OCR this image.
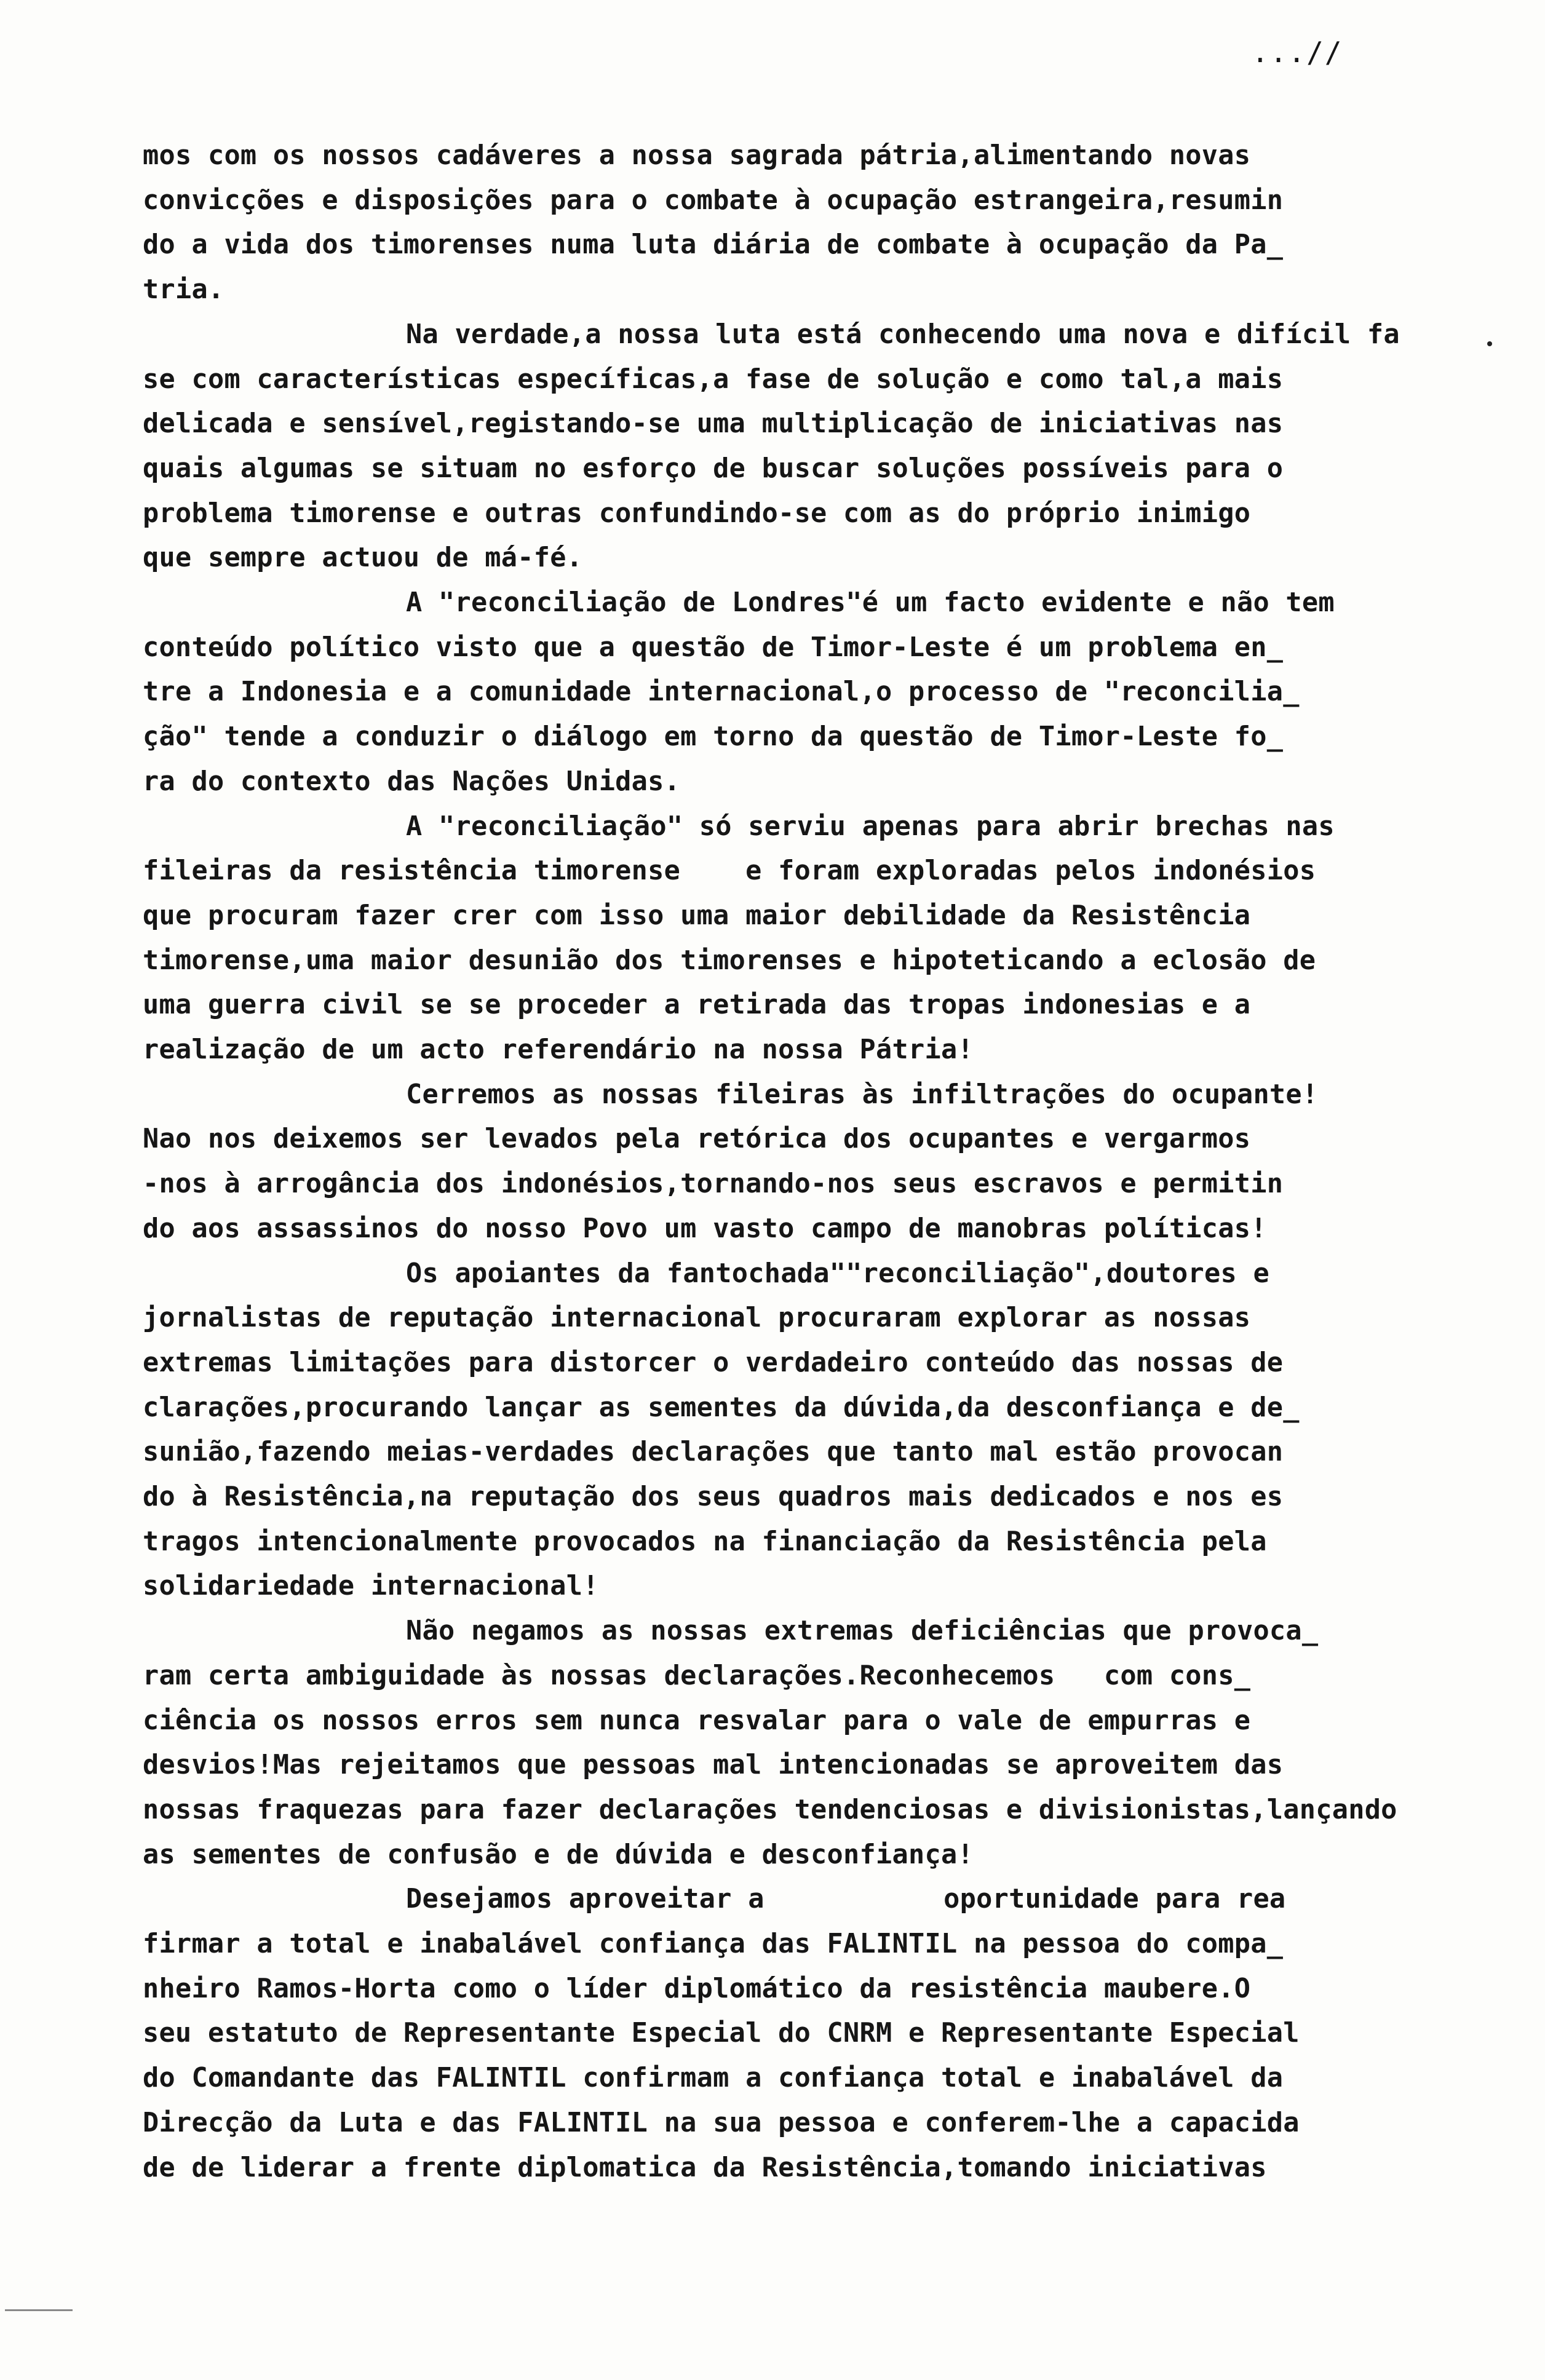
...//
mos com os nossos cadáveres a nossa sagrada pátria,alimentando novas
convicções e disposições para o combate à ocupação estrangeira,resumin
do a vida dos timorenses numa luta diária de combate à ocupação da Pa_
tria.
Na verdade,a nossa luta está conhecendo uma nova e difícil fa
se com características específicas,a fase de solução e como tal,a mais
delicada e sensível,registando-se uma multiplicação de iniciativas nas
quais algumas se situam no esforço de buscar soluções possíveis para o
problema timorense e outras confundindo-se com as do próprio inimigo
que sempre actuou de má-fé.
A "reconciliação de Londres"é um facto evidente e não tem
conteúdo político visto que a questão de Timor-Leste é um problema en_
tre a Indonesia e a comunidade internacional,o processo de "reconcilia_
ção" tende a conduzir o diálogo em torno da questão de Timor-Leste fo_
ra do contexto das Nações Unidas.
A "reconciliação" só serviu apenas para abrir brechas nas
fileiras da resistência timorense    e foram exploradas pelos indonésios
que procuram fazer crer com isso uma maior debilidade da Resistência
timorense,uma maior desunião dos timorenses e hipoteticando a eclosão de
uma guerra civil se se proceder a retirada das tropas indonesias e a
realização de um acto referendário na nossa Pátria!
Cerremos as nossas fileiras às infiltrações do ocupante!
Nao nos deixemos ser levados pela retórica dos ocupantes e vergarmos
-nos à arrogância dos indonésios,tornando-nos seus escravos e permitin
do aos assassinos do nosso Povo um vasto campo de manobras políticas!
Os apoiantes da fantochada""reconciliação",doutores e
jornalistas de reputação internacional procuraram explorar as nossas
extremas limitações para distorcer o verdadeiro conteúdo das nossas de
clarações,procurando lançar as sementes da dúvida,da desconfiança e de_
sunião,fazendo meias-verdades declarações que tanto mal estão provocan
do à Resistência,na reputação dos seus quadros mais dedicados e nos es
tragos intencionalmente provocados na financiação da Resistência pela
solidariedade internacional!
Não negamos as nossas extremas deficiências que provoca_
ram certa ambiguidade às nossas declarações.Reconhecemos   com cons_
ciência os nossos erros sem nunca resvalar para o vale de empurras e
desvios!Mas rejeitamos que pessoas mal intencionadas se aproveitem das
nossas fraquezas para fazer declarações tendenciosas e divisionistas,lançando
as sementes de confusão e de dúvida e desconfiança!
Desejamos aproveitar a           oportunidade para rea
firmar a total e inabalável confiança das FALINTIL na pessoa do compa_
nheiro Ramos-Horta como o líder diplomático da resistência maubere.O
seu estatuto de Representante Especial do CNRM e Representante Especial
do Comandante das FALINTIL confirmam a confiança total e inabalável da
Direcção da Luta e das FALINTIL na sua pessoa e conferem-lhe a capacida
de de liderar a frente diplomatica da Resistência,tomando iniciativas
